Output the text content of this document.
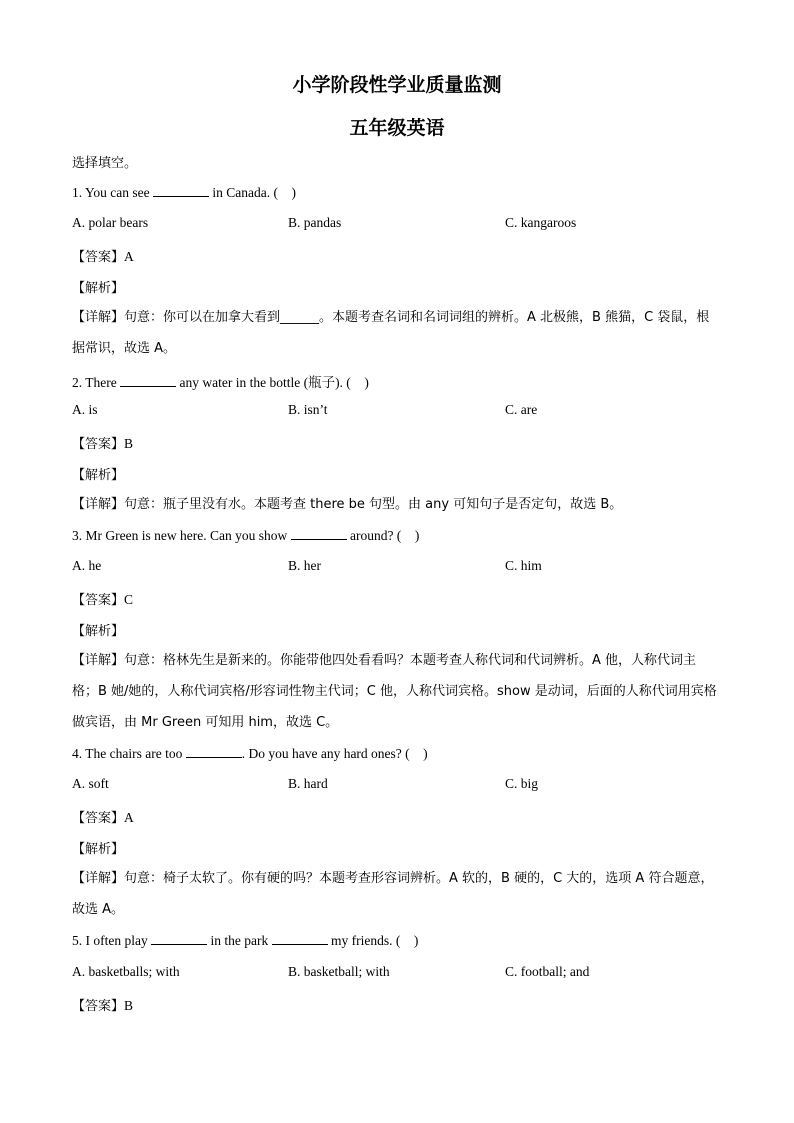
小学阶段性学业质量监测
五年级英语
选择填空。
1. You can see	in Canada. ( )
A. polar bears	B. pandas	C. kangaroos
【答案】A
【解析】
【详解】句意：你可以在加拿大看到______。本题考查名词和名词词组的辨析。A 北极熊，B 熊猫，C 袋鼠，根据常识，故选 A。
2. There	any water in the bottle (瓶子). ( )
A. is	B. isn’t	C. are
【答案】B
【解析】
【详解】句意：瓶子里没有水。本题考查 there be 句型。由 any 可知句子是否定句，故选 B。
3. Mr Green is new here. Can you show	around? ( )
A. he	B. her	C. him
【答案】C
【解析】
【详解】句意：格林先生是新来的。你能带他四处看看吗？本题考查人称代词和代词辨析。A 他，人称代词主格；B 她/她的，人称代词宾格/形容词性物主代词；C 他，人称代词宾格。show 是动词，后面的人称代词用宾格做宾语，由 Mr Green 可知用 him，故选 C。
4. The chairs are too	. Do you have any hard ones? ( )
A. soft	B. hard	C. big
【答案】A
【解析】
【详解】句意：椅子太软了。你有硬的吗？本题考查形容词辨析。A 软的，B 硬的，C 大的，选项 A 符合题意，故选 A。
5. I often play	in the park	my friends. ( )
A. basketballs; with	B. basketball; with	C. football; and
【答案】B
